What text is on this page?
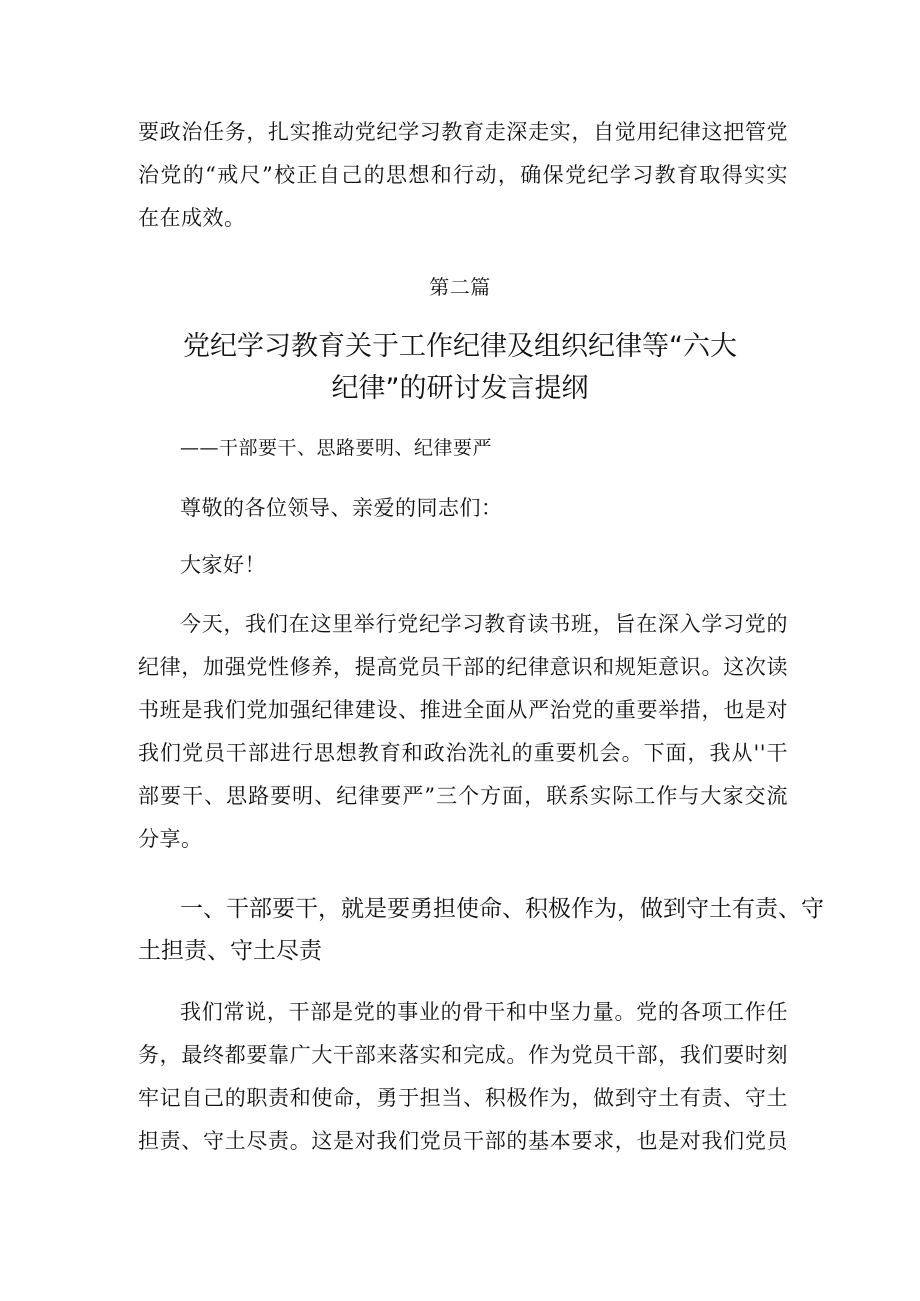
要政治任务，扎实推动党纪学习教育走深走实，自觉用纪律这把管党
治党的“戒尺”校正自己的思想和行动，确保党纪学习教育取得实实
在在成效。
第二篇
党纪学习教育关于工作纪律及组织纪律等“六大
纪律”的研讨发言提纲
——干部要干、思路要明、纪律要严
尊敬的各位领导、亲爱的同志们：
大家好！
今天，我们在这里举行党纪学习教育读书班，旨在深入学习党的
纪律，加强党性修养，提高党员干部的纪律意识和规矩意识。这次读
书班是我们党加强纪律建设、推进全面从严治党的重要举措，也是对
我们党员干部进行思想教育和政治洗礼的重要机会。下面，我从''干
部要干、思路要明、纪律要严”三个方面，联系实际工作与大家交流
分享。
一、干部要干，就是要勇担使命、积极作为，做到守土有责、守
土担责、守土尽责
我们常说，干部是党的事业的骨干和中坚力量。党的各项工作任
务，最终都要靠广大干部来落实和完成。作为党员干部，我们要时刻
牢记自己的职责和使命，勇于担当、积极作为，做到守土有责、守土
担责、守土尽责。这是对我们党员干部的基本要求，也是对我们党员
